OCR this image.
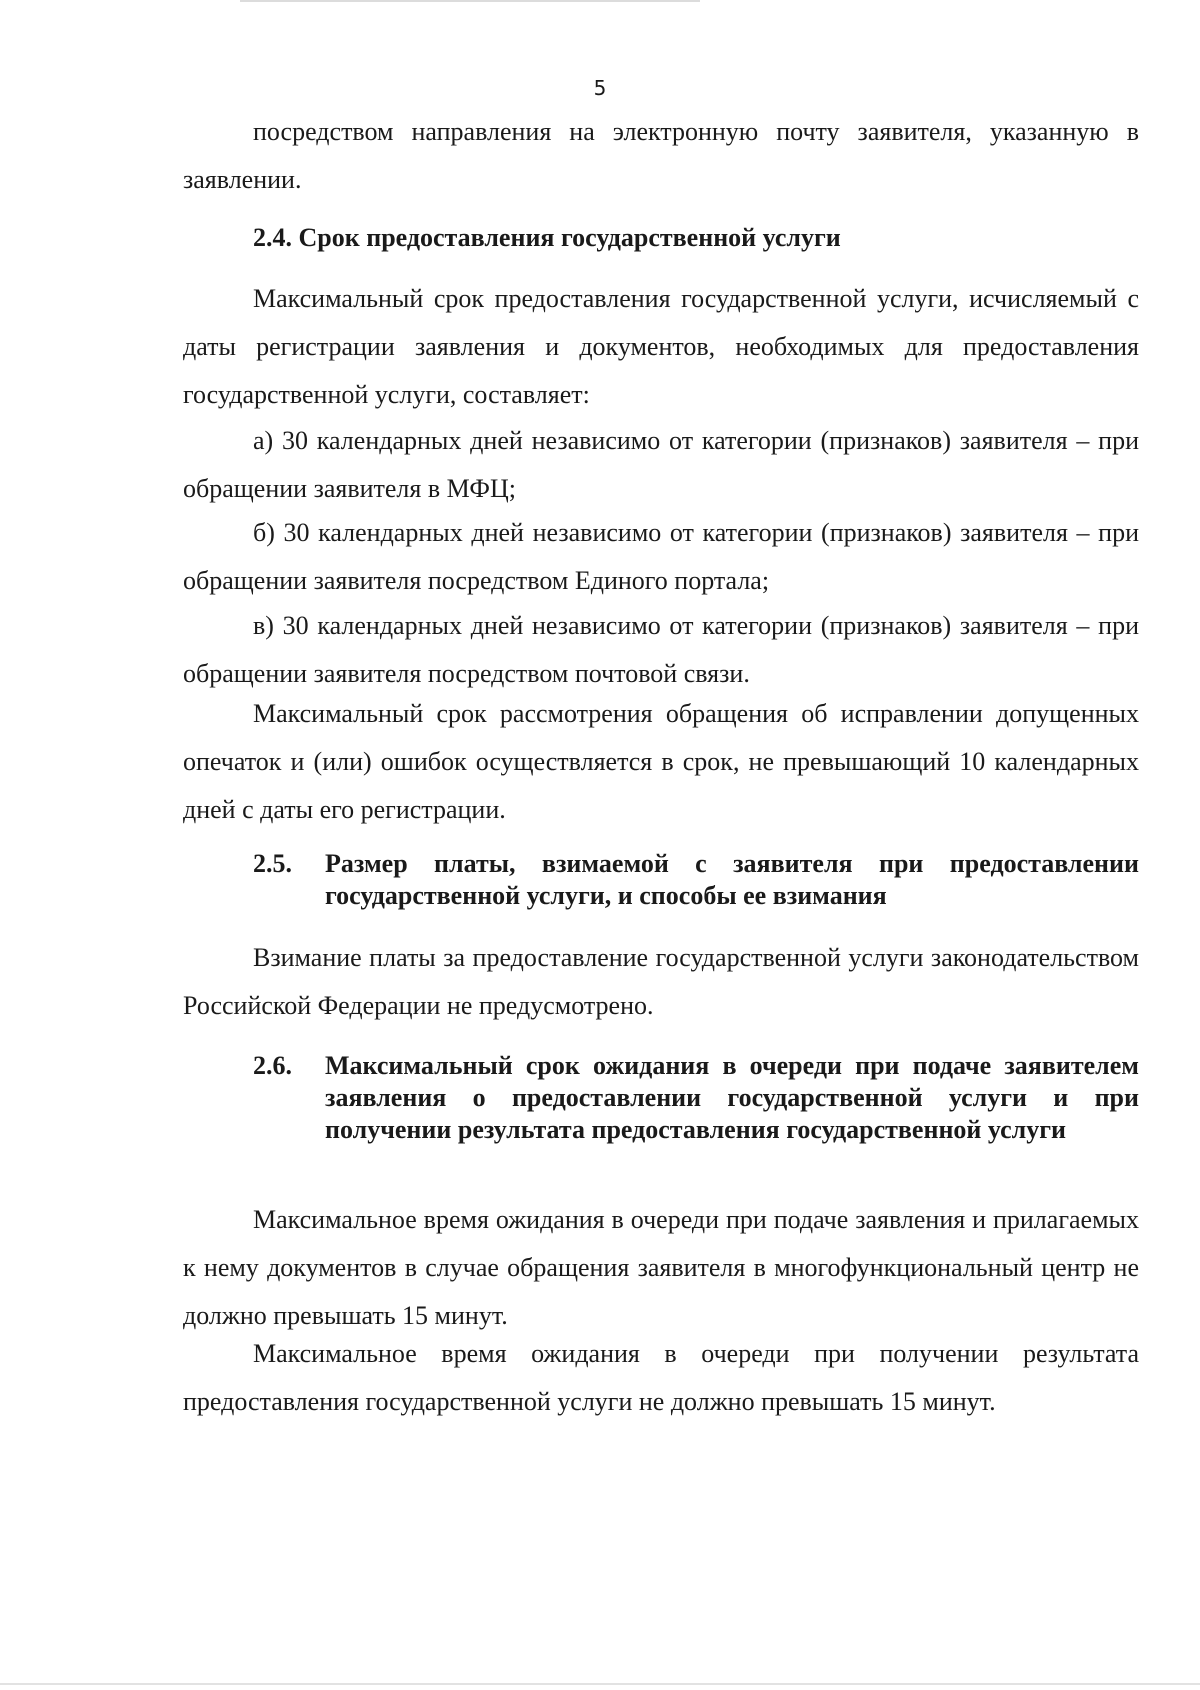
5
посредством направления на электронную почту заявителя, указанную в заявлении.
2.4. Срок предоставления государственной услуги
Максимальный срок предоставления государственной услуги, исчисляемый с даты регистрации заявления и документов, необходимых для предоставления государственной услуги, составляет:
а) 30 календарных дней независимо от категории (признаков) заявителя – при обращении заявителя в МФЦ;
б) 30 календарных дней независимо от категории (признаков) заявителя – при обращении заявителя посредством Единого портала;
в) 30 календарных дней независимо от категории (признаков) заявителя – при обращении заявителя посредством почтовой связи.
Максимальный срок рассмотрения обращения об исправлении допущенных опечаток и (или) ошибок осуществляется в срок, не превышающий 10 календарных дней с даты его регистрации.
2.5. Размер платы, взимаемой с заявителя при предоставлении государственной услуги, и способы ее взимания
Взимание платы за предоставление государственной услуги законодательством Российской Федерации не предусмотрено.
2.6. Максимальный срок ожидания в очереди при подаче заявителем заявления о предоставлении государственной услуги и при получении результата предоставления государственной услуги
Максимальное время ожидания в очереди при подаче заявления и прилагаемых к нему документов в случае обращения заявителя в многофункциональный центр не должно превышать 15 минут.
Максимальное время ожидания в очереди при получении результата предоставления государственной услуги не должно превышать 15 минут.
